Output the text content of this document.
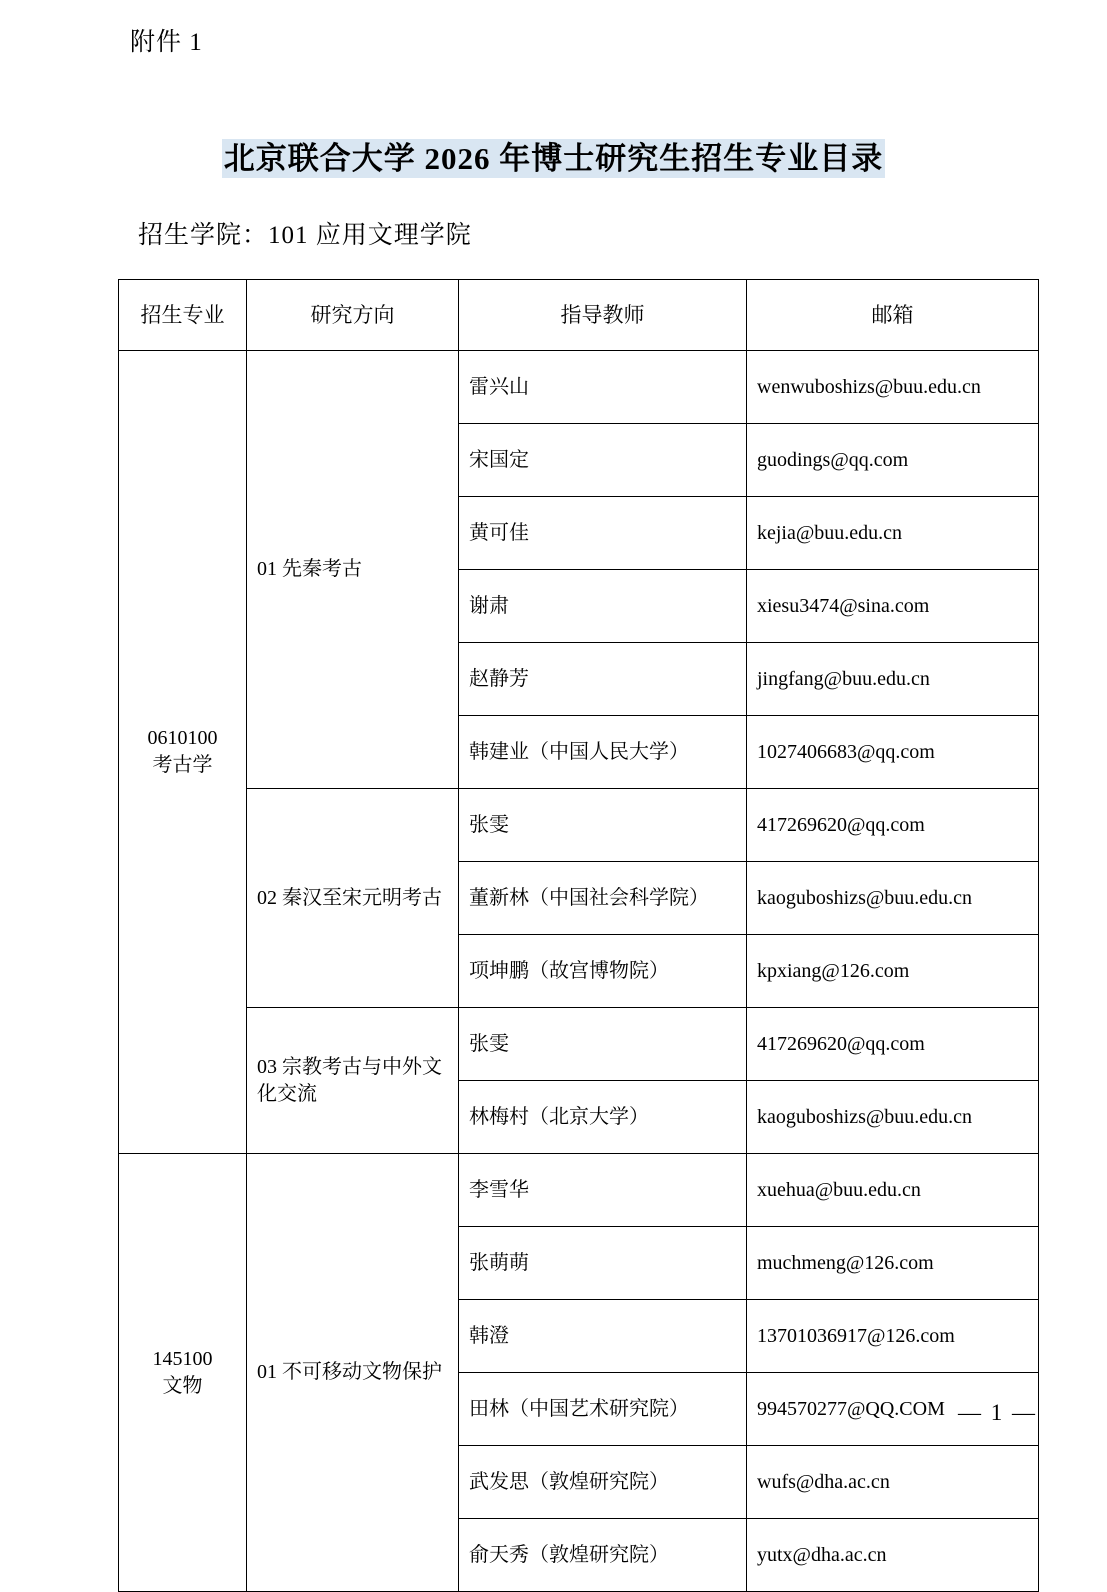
附件 1
北京联合大学 2026 年博士研究生招生专业目录
招生学院：101 应用文理学院
招生专业	研究方向	指导教师	邮箱

0610100
考古学	01 先秦考古	雷兴山	wenwuboshizs@buu.edu.cn
		宋国定	guodings@qq.com
		黄可佳	kejia@buu.edu.cn
		谢肃	xiesu3474@sina.com
		赵静芳	jingfang@buu.edu.cn
		韩建业（中国人民大学）	1027406683@qq.com
	02 秦汉至宋元明考古	张雯	417269620@qq.com
		董新林（中国社会科学院）	kaoguboshizs@buu.edu.cn
		项坤鹏（故宫博物院）	kpxiang@126.com
	03 宗教考古与中外文化交流	张雯	417269620@qq.com
		林梅村（北京大学）	kaoguboshizs@buu.edu.cn

145100
文物	01 不可移动文物保护	李雪华	xuehua@buu.edu.cn
		张萌萌	muchmeng@126.com
		韩澄	13701036917@126.com
		田林（中国艺术研究院）	994570277@QQ.COM
		武发思（敦煌研究院）	wufs@dha.ac.cn
		俞天秀（敦煌研究院）	yutx@dha.ac.cn
— 1 —
